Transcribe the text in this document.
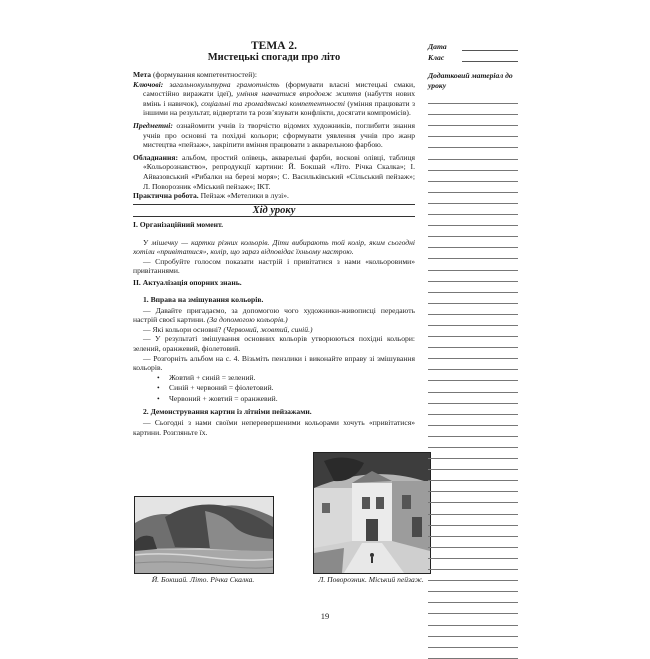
ТЕМА 2.

Мистецькі спогади про літо

Мета (формування компетентностей):

Ключові: загальнокультурна грамотність (формувати власні мистецькі смаки, самостійно виражати ідеї), уміння навчатися впродовж життя (набуття нових вмінь і навичок), соціальні та громадянські компетентності (уміння працювати з іншими на результат, відвертати та розв’язувати конфлікти, досягати компромісів).

Предметні: ознайомити учнів із творчістю відомих художників, поглибити знання учнів про основні та похідні кольори; сформувати уявлення учнів про жанр мистецтва «пейзаж», закріпити вміння працювати з акварельною фарбою.

Обладнання: альбом, простий олівець, акварельні фарби, воскові олівці, таблиця «Кольорознавство», репродукції картини: Й. Бокшай «Літо. Річка Скалка»; І. Айвазовський «Рибалки на березі моря»; С. Васильківський «Сільський пейзаж»; Л. Поворозник «Міський пейзаж»; ІКТ.

Практична робота. Пейзаж «Метелики в лузі».

Хід уроку

I. Організаційний момент.

У мішечку — картки різних кольорів. Діти вибирають той колір, яким сьогодні хотіли «привітатися», колір, що зараз відповідає їхньому настрою.

— Спробуйте голосом показати настрій і привітатися з нами «кольоровими» привітаннями.

II. Актуалізація опорних знань.

1. Вправа на змішування кольорів.

— Давайте пригадаємо, за допомогою чого художники-живописці передають настрій своєї картини. (За допомогою кольорів.)

— Які кольори основні? (Червоний, жовтий, синій.)

— У результаті змішування основних кольорів утворюються похідні кольори: зелений, оранжевий, фіолетовий.

— Розгорніть альбом на с. 4. Візьміть пензлики і виконайте вправу зі змішування кольорів.

• Жовтий + синій = зелений.
• Синій + червоний = фіолетовий.
• Червоний + жовтий = оранжевий.

2. Демонстрування картин із літніми пейзажами.

— Сьогодні з нами своїми неперевершеними кольорами хочуть «привітатися» картини. Розгляньте їх.

Й. Бокшай. Літо. Річка Скалка.	Л. Поворозник. Міський пейзаж.
19
Дата
Клас
Додатковий матеріал до уроку
